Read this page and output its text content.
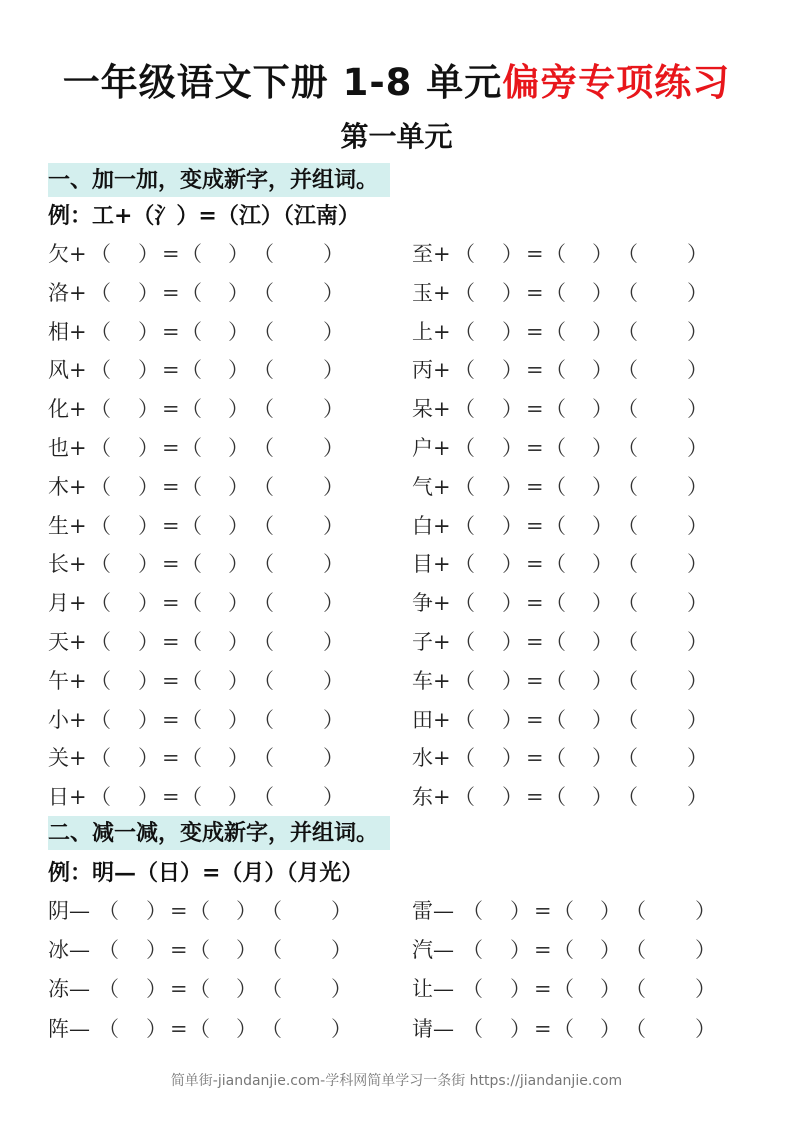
一年级语文下册 1-8 单元偏旁专项练习
第一单元
一、加一加，变成新字，并组词。
例：工+（氵）=（江）（江南）
欠+ （ ） = （ ） （ ）	至+ （ ） = （ ） （ ）
洛+ （ ） = （ ） （ ）	玉+ （ ） = （ ） （ ）
相+ （ ） = （ ） （ ）	上+ （ ） = （ ） （ ）
风+ （ ） = （ ） （ ）	丙+ （ ） = （ ） （ ）
化+ （ ） = （ ） （ ）	呆+ （ ） = （ ） （ ）
也+ （ ） = （ ） （ ）	户+ （ ） = （ ） （ ）
木+ （ ） = （ ） （ ）	气+ （ ） = （ ） （ ）
生+ （ ） = （ ） （ ）	白+ （ ） = （ ） （ ）
长+ （ ） = （ ） （ ）	目+ （ ） = （ ） （ ）
月+ （ ） = （ ） （ ）	争+ （ ） = （ ） （ ）
天+ （ ） = （ ） （ ）	子+ （ ） = （ ） （ ）
午+ （ ） = （ ） （ ）	车+ （ ） = （ ） （ ）
小+ （ ） = （ ） （ ）	田+ （ ） = （ ） （ ）
关+ （ ） = （ ） （ ）	水+ （ ） = （ ） （ ）
日+ （ ） = （ ） （ ）	东+ （ ） = （ ） （ ）
二、减一减，变成新字，并组词。
例：明—（日）=（月）（月光）
阴— （ ） = （ ） （ ）	雷— （ ） = （ ） （ ）
冰— （ ） = （ ） （ ）	汽— （ ） = （ ） （ ）
冻— （ ） = （ ） （ ）	让— （ ） = （ ） （ ）
阵— （ ） = （ ） （ ）	请— （ ） = （ ） （ ）
简单街-jiandanjie.com-学科网简单学习一条街 https://jiandanjie.com
